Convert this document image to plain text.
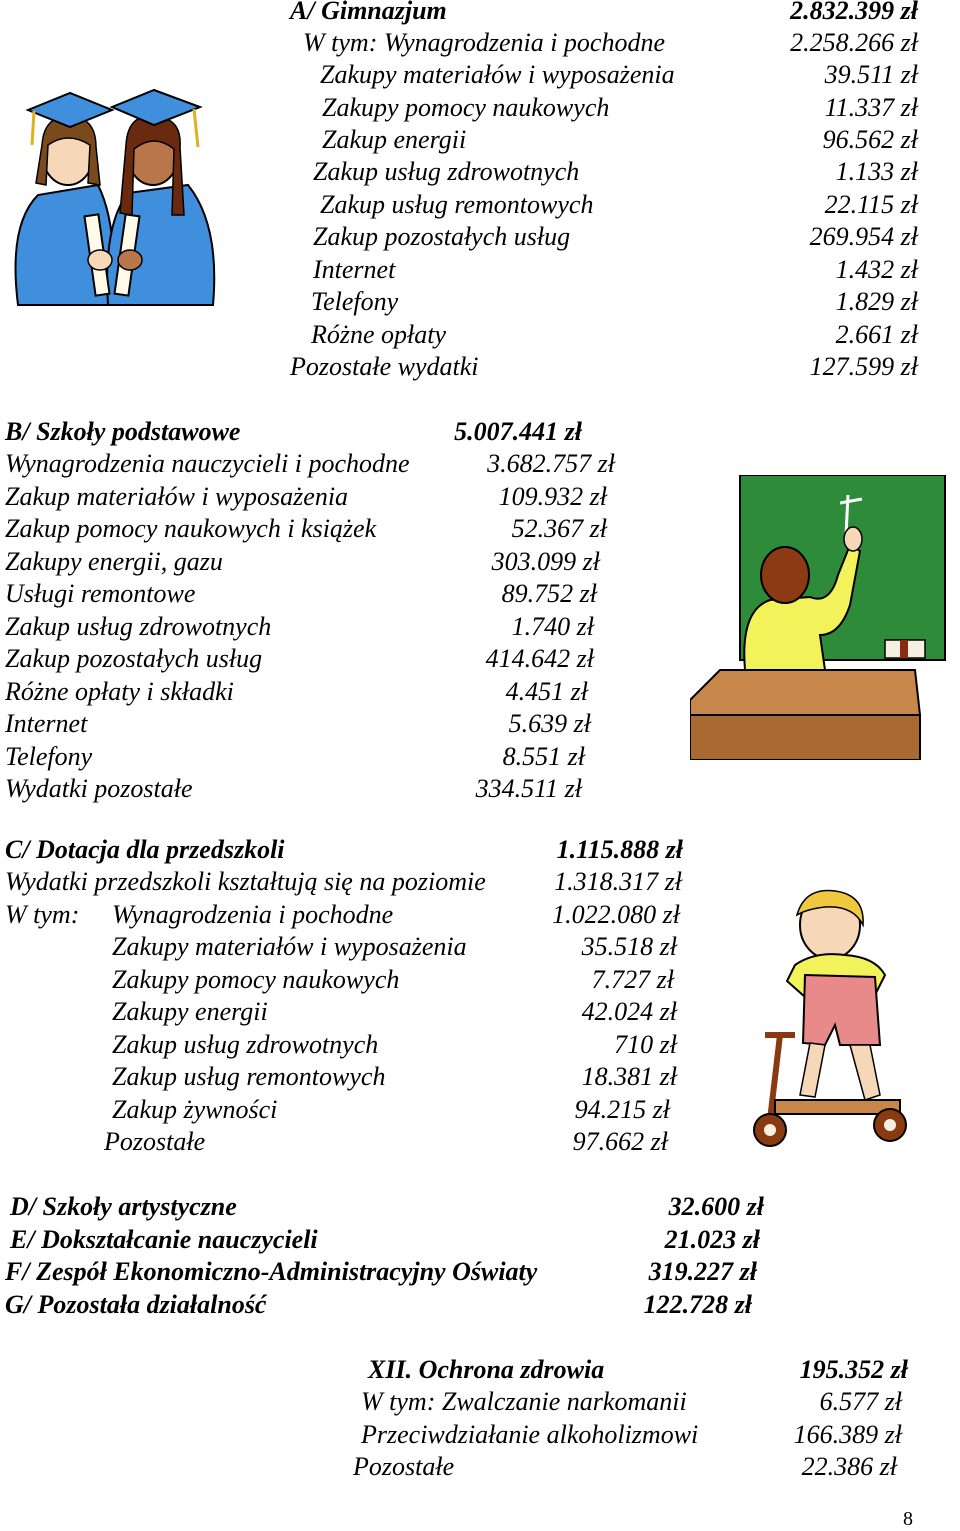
A/ Gimnazjum	2.832.399 zł
W tym: Wynagrodzenia i pochodne	2.258.266 zł
Zakupy materiałów i wyposażenia	39.511 zł
Zakupy pomocy naukowych	11.337 zł
Zakup energii	96.562 zł
Zakup usług zdrowotnych	1.133 zł
Zakup usług remontowych	22.115 zł
Zakup pozostałych usług	269.954 zł
Internet	1.432 zł
Telefony	1.829 zł
Różne opłaty	2.661 zł
Pozostałe wydatki	127.599 zł
B/ Szkoły podstawowe	5.007.441 zł
Wynagrodzenia nauczycieli i pochodne	3.682.757 zł
Zakup materiałów i wyposażenia	109.932 zł
Zakup pomocy naukowych i książek	52.367 zł
Zakupy energii, gazu	303.099 zł
Usługi remontowe	89.752 zł
Zakup usług zdrowotnych	1.740 zł
Zakup pozostałych usług	414.642 zł
Różne opłaty i składki	4.451 zł
Internet	5.639 zł
Telefony	8.551 zł
Wydatki pozostałe	334.511 zł
C/ Dotacja dla przedszkoli	1.115.888 zł
Wydatki przedszkoli kształtują się na poziomie	1.318.317 zł
W tym: Wynagrodzenia i pochodne	1.022.080 zł
Zakupy materiałów i wyposażenia	35.518 zł
Zakupy pomocy naukowych	7.727 zł
Zakupy energii	42.024 zł
Zakup usług zdrowotnych	710 zł
Zakup usług remontowych	18.381 zł
Zakup żywności	94.215 zł
Pozostałe	97.662 zł
D/ Szkoły artystyczne	32.600 zł
E/ Dokształcanie nauczycieli	21.023 zł
F/ Zespół Ekonomiczno-Administracyjny Oświaty	319.227 zł
G/ Pozostała działalność	122.728 zł
XII. Ochrona zdrowia	195.352 zł
W tym: Zwalczanie narkomanii	6.577 zł
Przeciwdziałanie alkoholizmowi	166.389 zł
Pozostałe	22.386 zł
8
